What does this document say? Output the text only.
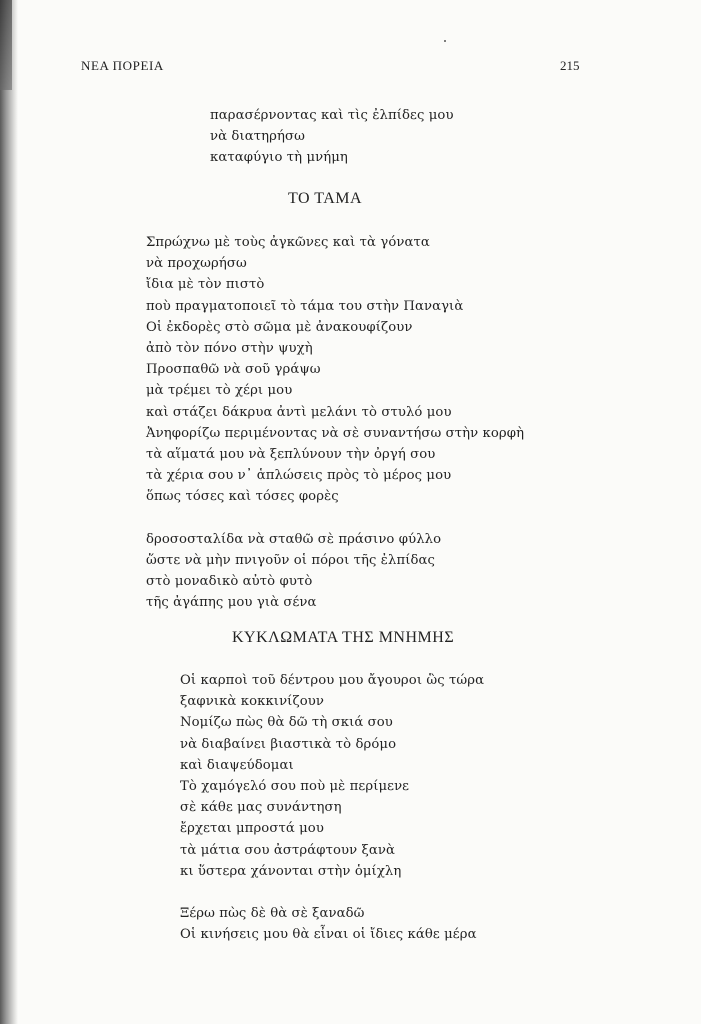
ΝΕΑ ΠΟΡΕΙΑ	215
παρασέρνοντας καὶ τὶς ἐλπίδες μου
νὰ διατηρήσω
καταφύγιο τὴ μνήμη
ΤΟ ΤΑΜΑ
Σπρώχνω μὲ τοὺς ἀγκῶνες καὶ τὰ γόνατα
νὰ προχωρήσω
ἴδια μὲ τὸν πιστὸ
ποὺ πραγματοποιεῖ τὸ τάμα του στὴν Παναγιὰ
Οἱ ἐκδορὲς στὸ σῶμα μὲ ἀνακουφίζουν
ἀπὸ τὸν πόνο στὴν ψυχὴ
Προσπαθῶ νὰ σοῦ γράψω
μὰ τρέμει τὸ χέρι μου
καὶ στάζει δάκρυα ἀντὶ μελάνι τὸ στυλό μου
Ἀνηφορίζω περιμένοντας νὰ σὲ συναντήσω στὴν κορφὴ
τὰ αἵματά μου νὰ ξεπλύνουν τὴν ὀργή σου
τὰ χέρια σου ν᾽ ἁπλώσεις πρὸς τὸ μέρος μου
ὅπως τόσες καὶ τόσες φορὲς
δροσοσταλίδα νὰ σταθῶ σὲ πράσινο φύλλο
ὥστε νὰ μὴν πνιγοῦν οἱ πόροι τῆς ἐλπίδας
στὸ μοναδικὸ αὐτὸ φυτὸ
τῆς ἀγάπης μου γιὰ σένα
ΚΥΚΛΩΜΑΤΑ ΤΗΣ ΜΝΗΜΗΣ
Οἱ καρποὶ τοῦ δέντρου μου ἄγουροι ὣς τώρα
ξαφνικὰ κοκκινίζουν
Νομίζω πὼς θὰ δῶ τὴ σκιά σου
νὰ διαβαίνει βιαστικὰ τὸ δρόμο
καὶ διαψεύδομαι
Τὸ χαμόγελό σου ποὺ μὲ περίμενε
σὲ κάθε μας συνάντηση
ἔρχεται μπροστά μου
τὰ μάτια σου ἀστράφτουν ξανὰ
κι ὕστερα χάνονται στὴν ὁμίχλη
Ξέρω πὼς δὲ θὰ σὲ ξαναδῶ
Οἱ κινήσεις μου θὰ εἶναι οἱ ἴδιες κάθε μέρα
